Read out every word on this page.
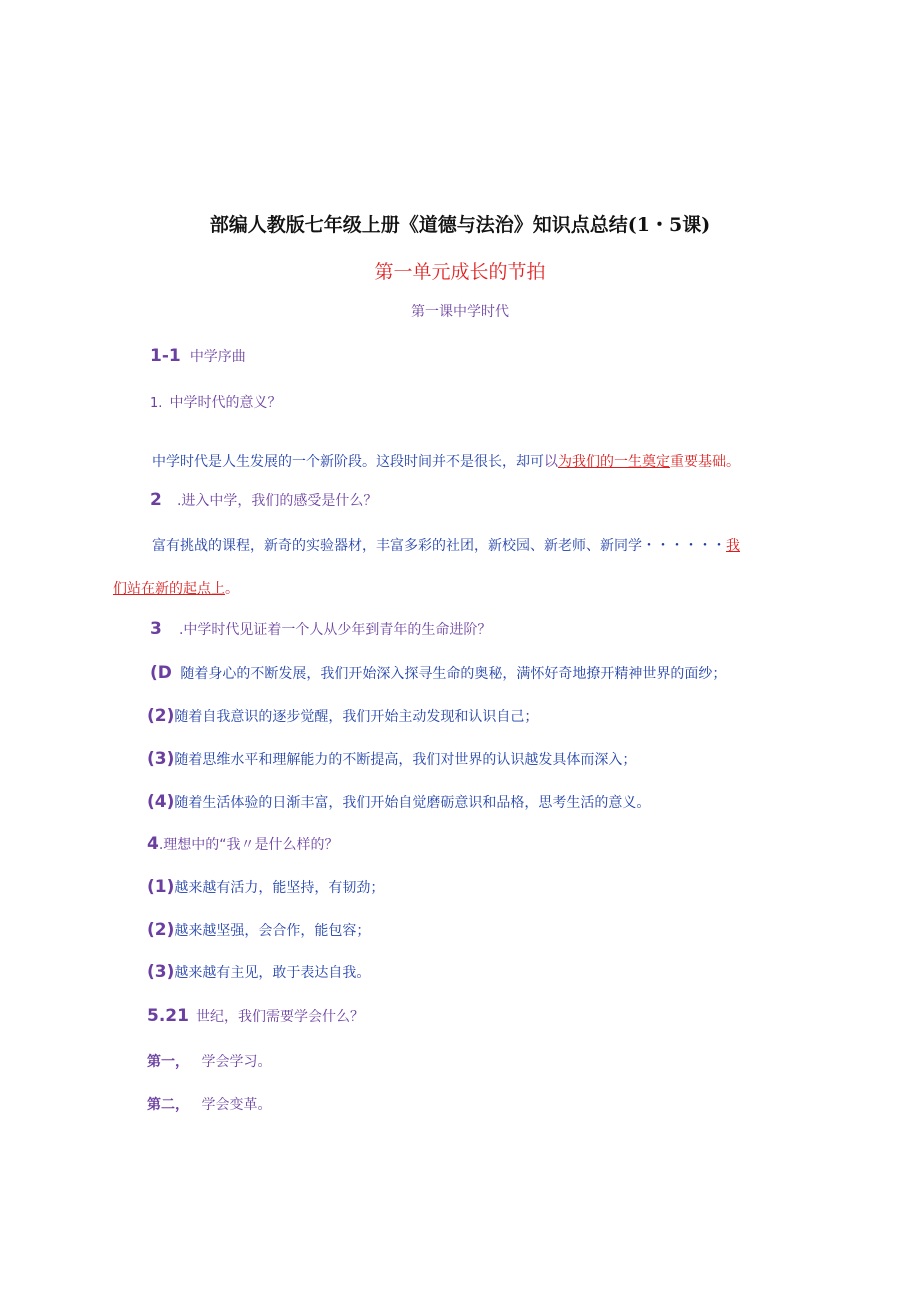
部编人教版七年级上册《道德与法治》知识点总结(1・5课)
第一单元成长的节拍
第一课中学时代
1-1 中学序曲
1. 中学时代的意义？
中学时代是人生发展的一个新阶段。这段时间并不是很长，却可以为我们的一生奠定重要基础。
2 .进入中学，我们的感受是什么？
富有挑战的课程，新奇的实验器材，丰富多彩的社团，新校园、新老师、新同学・・・・・・我
们站在新的起点上。
3 .中学时代见证着一个人从少年到青年的生命进阶？
(D 随着身心的不断发展，我们开始深入探寻生命的奥秘，满怀好奇地撩开精神世界的面纱；
(2)随着自我意识的逐步觉醒，我们开始主动发现和认识自己；
(3)随着思维水平和理解能力的不断提高，我们对世界的认识越发具体而深入；
(4)随着生活体验的日渐丰富，我们开始自觉磨砺意识和品格，思考生活的意义。
4.理想中的“我〃是什么样的？
(1)越来越有活力，能坚持，有韧劲；
(2)越来越坚强，会合作，能包容；
(3)越来越有主见，敢于表达自我。
5.21 世纪，我们需要学会什么？
第一， 学会学习。
第二， 学会变革。
